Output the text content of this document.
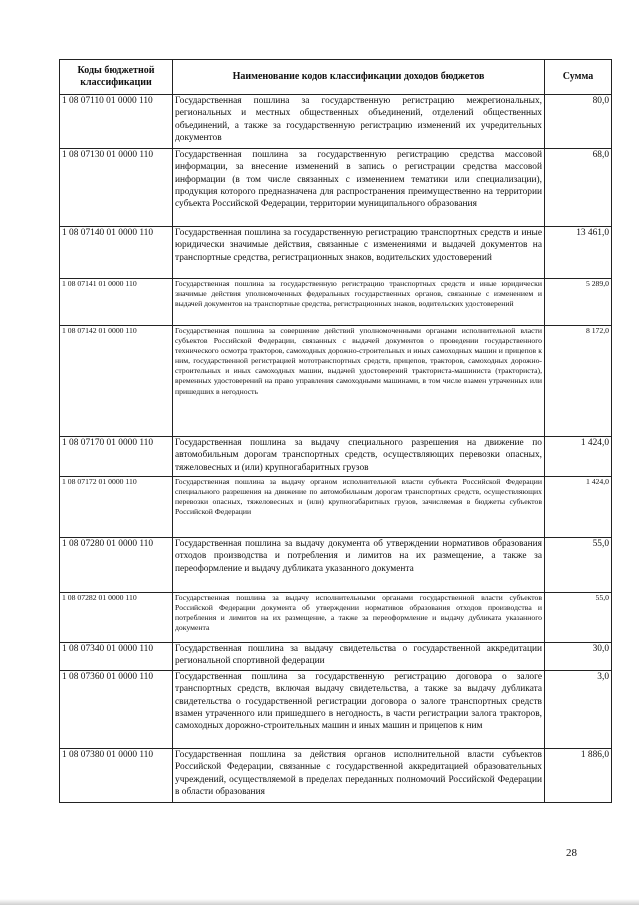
Коды бюджетной классификации	Наименование кодов классификации доходов бюджетов	Сумма
1 08 07110 01 0000 110	Государственная пошлина за государственную регистрацию межрегиональных, региональных и местных общественных объединений, отделений общественных объединений, а также за государственную регистрацию изменений их учредительных документов	80,0
1 08 07130 01 0000 110	Государственная пошлина за государственную регистрацию средства массовой информации, за внесение изменений в запись о регистрации средства массовой информации (в том числе связанных с изменением тематики или специализации), продукция которого предназначена для распространения преимущественно на территории субъекта Российской Федерации, территории муниципального образования	68,0
1 08 07140 01 0000 110	Государственная пошлина за государственную регистрацию транспортных средств и иные юридически значимые действия, связанные с изменениями и выдачей документов на транспортные средства, регистрационных знаков, водительских удостоверений	13 461,0
1 08 07141 01 0000 110	Государственная пошлина за государственную регистрацию транспортных средств и иные юридически значимые действия уполномоченных федеральных государственных органов, связанные с изменением и выдачей документов на транспортные средства, регистрационных знаков, водительских удостоверений	5 289,0
1 08 07142 01 0000 110	Государственная пошлина за совершение действий уполномоченными органами исполнительной власти субъектов Российской Федерации, связанных с выдачей документов о проведении государственного технического осмотра тракторов, самоходных дорожно-строительных и иных самоходных машин и прицепов к ним, государственной регистрацией мототранспортных средств, прицепов, тракторов, самоходных дорожно-строительных и иных самоходных машин, выдачей удостоверений тракториста-машиниста (тракториста), временных удостоверений на право управления самоходными машинами, в том числе взамен утраченных или пришедших в негодность	8 172,0
1 08 07170 01 0000 110	Государственная пошлина за выдачу специального разрешения на движение по автомобильным дорогам транспортных средств, осуществляющих перевозки опасных, тяжеловесных и (или) крупногабаритных грузов	1 424,0
1 08 07172 01 0000 110	Государственная пошлина за выдачу органом исполнительной власти субъекта Российской Федерации специального разрешения на движение по автомобильным дорогам транспортных средств, осуществляющих перевозки опасных, тяжеловесных и (или) крупногабаритных грузов, зачисляемая в бюджеты субъектов Российской Федерации	1 424,0
1 08 07280 01 0000 110	Государственная пошлина за выдачу документа об утверждении нормативов образования отходов производства и потребления и лимитов на их размещение, а также за переоформление и выдачу дубликата указанного документа	55,0
1 08 07282 01 0000 110	Государственная пошлина за выдачу исполнительными органами государственной власти субъектов Российской Федерации документа об утверждении нормативов образования отходов производства и потребления и лимитов на их размещение, а также за переоформление и выдачу дубликата указанного документа	55,0
1 08 07340 01 0000 110	Государственная пошлина за выдачу свидетельства о государственной аккредитации региональной спортивной федерации	30,0
1 08 07360 01 0000 110	Государственная пошлина за государственную регистрацию договора о залоге транспортных средств, включая выдачу свидетельства, а также за выдачу дубликата свидетельства о государственной регистрации договора о залоге транспортных средств взамен утраченного или пришедшего в негодность, в части регистрации залога тракторов, самоходных дорожно-строительных машин и иных машин и прицепов к ним	3,0
1 08 07380 01 0000 110	Государственная пошлина за действия органов исполнительной власти субъектов Российской Федерации, связанные с государственной аккредитацией образовательных учреждений, осуществляемой в пределах переданных полномочий Российской Федерации в области образования	1 886,0
28
